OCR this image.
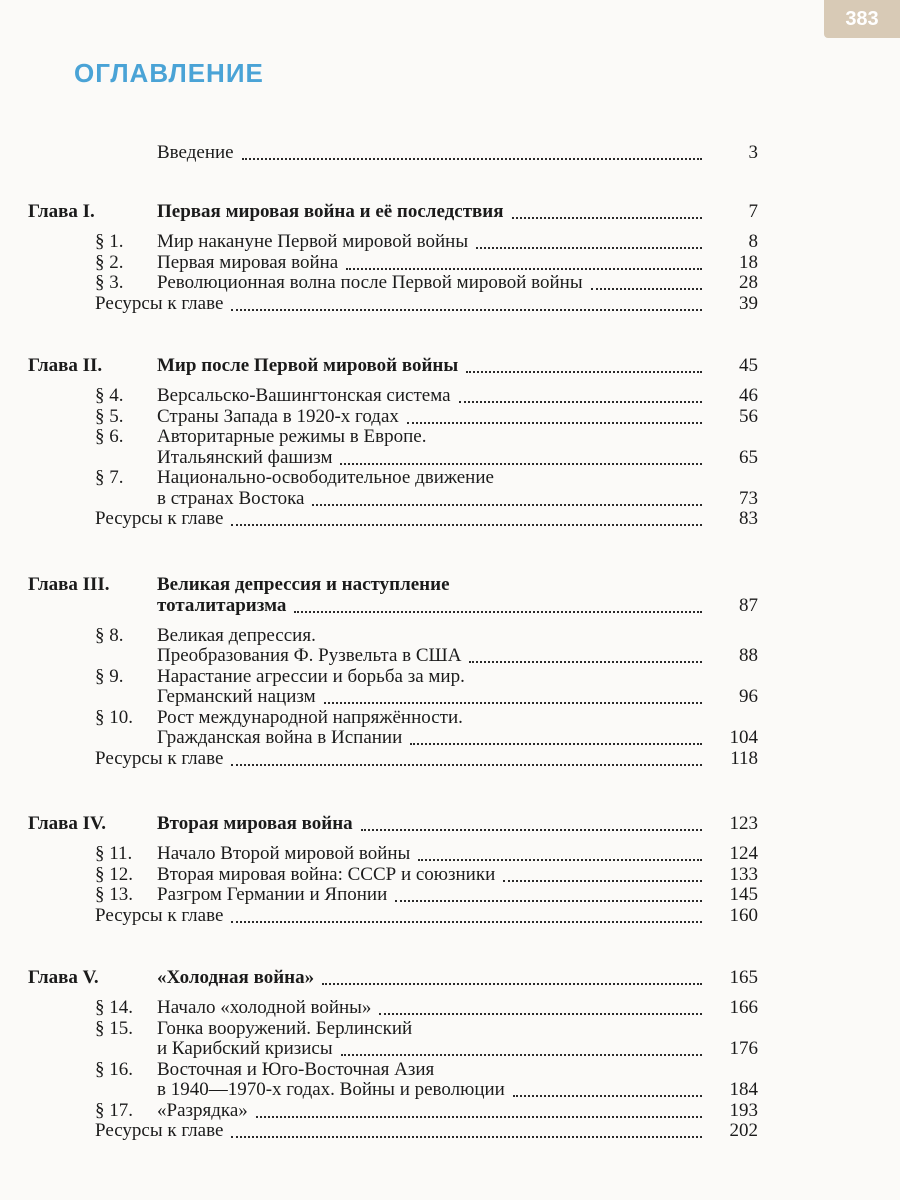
383
ОГЛАВЛЕНИЕ
Введение	3
Глава I.	Первая мировая война и её последствия	7
§ 1. Мир накануне Первой мировой войны	8
§ 2. Первая мировая война	18
§ 3. Революционная волна после Первой мировой войны	28
Ресурсы к главе	39
Глава II.	Мир после Первой мировой войны	45
§ 4. Версальско-Вашингтонская система	46
§ 5. Страны Запада в 1920-х годах	56
§ 6. Авторитарные режимы в Европе.
Итальянский фашизм	65
§ 7. Национально-освободительное движение
в странах Востока	73
Ресурсы к главе	83
Глава III. Великая депрессия и наступление
тоталитаризма	87
§ 8. Великая депрессия.
Преобразования Ф. Рузвельта в США	88
§ 9. Нарастание агрессии и борьба за мир.
Германский нацизм	96
§ 10. Рост международной напряжённости.
Гражданская война в Испании	104
Ресурсы к главе	118
Глава IV.	Вторая мировая война	123
§ 11. Начало Второй мировой войны	124
§ 12. Вторая мировая война: СССР и союзники	133
§ 13. Разгром Германии и Японии	145
Ресурсы к главе	160
Глава V.	«Холодная война»	165
§ 14. Начало «холодной войны»	166
§ 15. Гонка вооружений. Берлинский
и Карибский кризисы	176
§ 16. Восточная и Юго-Восточная Азия
в 1940—1970-х годах. Войны и революции	184
§ 17. «Разрядка»	193
Ресурсы к главе	202
